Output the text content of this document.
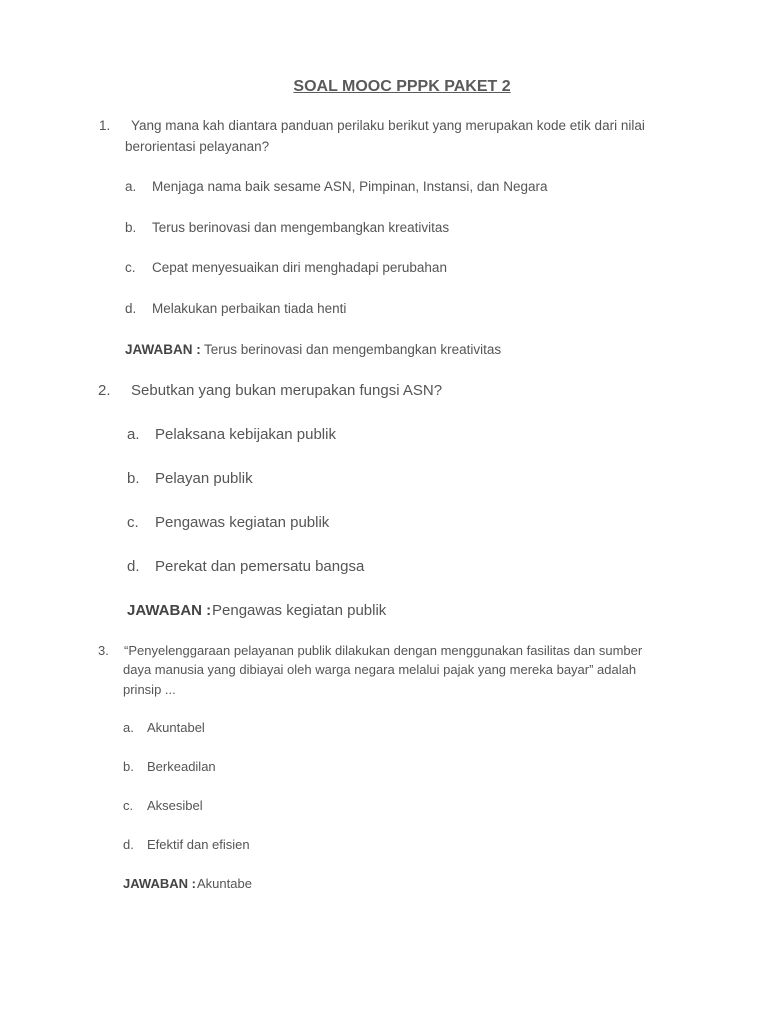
SOAL MOOC PPPK PAKET 2
1. Yang mana kah diantara panduan perilaku berikut yang merupakan kode etik dari nilai
berorientasi pelayanan?
a. Menjaga nama baik sesame ASN, Pimpinan, Instansi, dan Negara
b. Terus berinovasi dan mengembangkan kreativitas
c. Cepat menyesuaikan diri menghadapi perubahan
d. Melakukan perbaikan tiada henti
JAWABAN : Terus berinovasi dan mengembangkan kreativitas
2. Sebutkan yang bukan merupakan fungsi ASN?
a. Pelaksana kebijakan publik
b. Pelayan publik
c. Pengawas kegiatan publik
d. Perekat dan pemersatu bangsa
JAWABAN : Pengawas kegiatan publik
3. “Penyelenggaraan pelayanan publik dilakukan dengan menggunakan fasilitas dan sumber
daya manusia yang dibiayai oleh warga negara melalui pajak yang mereka bayar” adalah
prinsip ...
a. Akuntabel
b. Berkeadilan
c. Aksesibel
d. Efektif dan efisien
JAWABAN : Akuntabe
